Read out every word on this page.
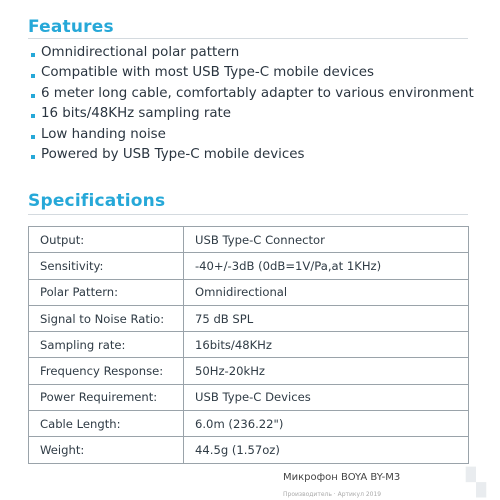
Features
Omnidirectional polar pattern
Compatible with most USB Type-C mobile devices
6 meter long cable, comfortably adapter to various environment
16 bits/48KHz sampling rate
Low handing noise
Powered by USB Type-C mobile devices
Specifications
Output:	USB Type-C Connector
Sensitivity:	-40+/-3dB (0dB=1V/Pa,at 1KHz)
Polar Pattern:	Omnidirectional
Signal to Noise Ratio:	75 dB SPL
Sampling rate:	16bits/48KHz
Frequency Response:	50Hz-20kHz
Power Requirement:	USB Type-C Devices
Cable Length:	6.0m (236.22")
Weight:	44.5g (1.57oz)
Микрофон BOYA BY-M3
Производитель · Артикул 2019	▚
